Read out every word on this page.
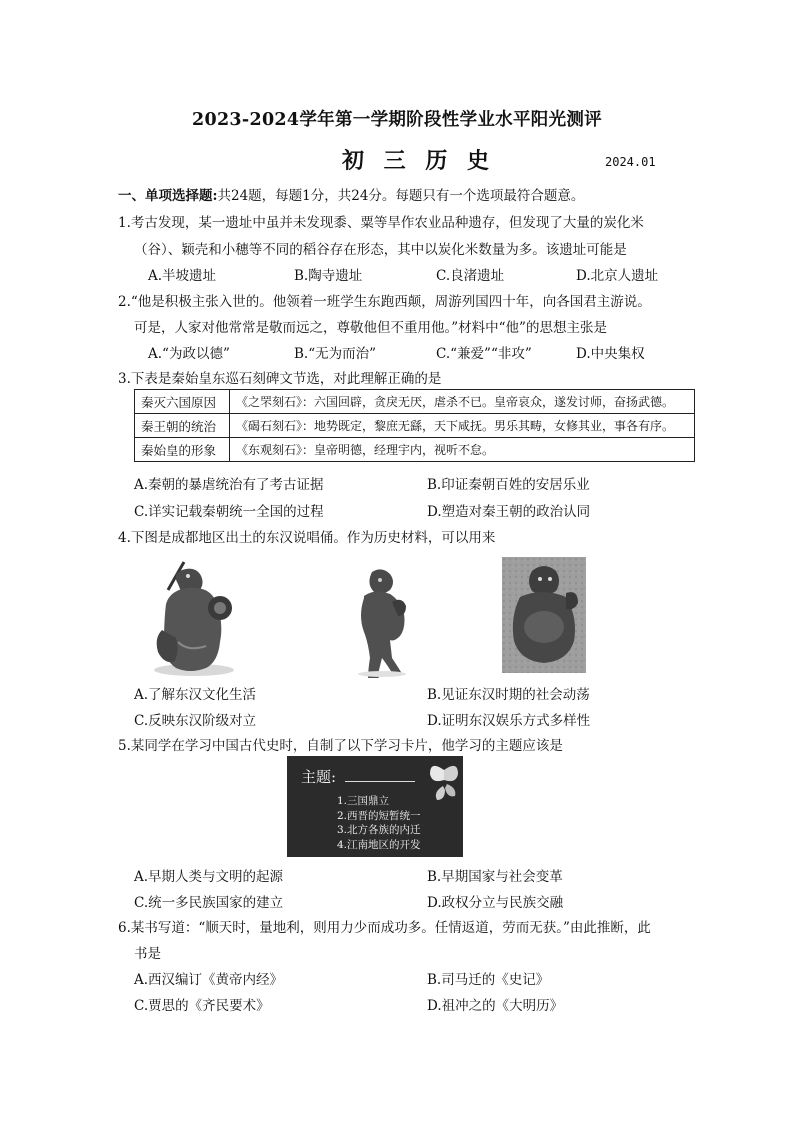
2023-2024学年第一学期阶段性学业水平阳光测评
初 三 历 史	2024.01
一、单项选择题:共24题，每题1分，共24分。每题只有一个选项最符合题意。
1.考古发现，某一遗址中虽并未发现黍、粟等旱作农业品种遗存，但发现了大量的炭化米
（谷）、颖壳和小穗等不同的稻谷存在形态，其中以炭化米数量为多。该遗址可能是
A.半坡遗址	B.陶寺遗址	C.良渚遗址	D.北京人遗址
2.“他是积极主张入世的。他领着一班学生东跑西颠，周游列国四十年，向各国君主游说。
可是，人家对他常常是敬而远之，尊敬他但不重用他。”材料中“他”的思想主张是
A.“为政以德”	B.“无为而治”	C.“兼爱”“非攻”	D.中央集权
3.下表是秦始皇东巡石刻碑文节选，对此理解正确的是
秦灭六国原因	《之罘刻石》：六国回辟，贪戾无厌，虐杀不已。皇帝哀众，遂发讨师，奋扬武德。
秦王朝的统治	《碣石刻石》：地势既定，黎庶无繇，天下咸抚。男乐其畴，女修其业，事各有序。
秦始皇的形象	《东观刻石》：皇帝明德，经理宇内，视听不怠。
A.秦朝的暴虐统治有了考古证据	B.印证秦朝百姓的安居乐业
C.详实记载秦朝统一全国的过程	D.塑造对秦王朝的政治认同
4.下图是成都地区出土的东汉说唱俑。作为历史材料，可以用来
A.了解东汉文化生活	B.见证东汉时期的社会动荡
C.反映东汉阶级对立	D.证明东汉娱乐方式多样性
5.某同学在学习中国古代史时，自制了以下学习卡片，他学习的主题应该是
主题:
1.三国鼎立
2.西晋的短暂统一
3.北方各族的内迁
4.江南地区的开发
A.早期人类与文明的起源	B.早期国家与社会变革
C.统一多民族国家的建立	D.政权分立与民族交融
6.某书写道：“顺天时，量地利，则用力少而成功多。任情返道，劳而无获。”由此推断，此
书是
A.西汉编订《黄帝内经》	B.司马迁的《史记》
C.贾思的《齐民要术》	D.祖冲之的《大明历》
